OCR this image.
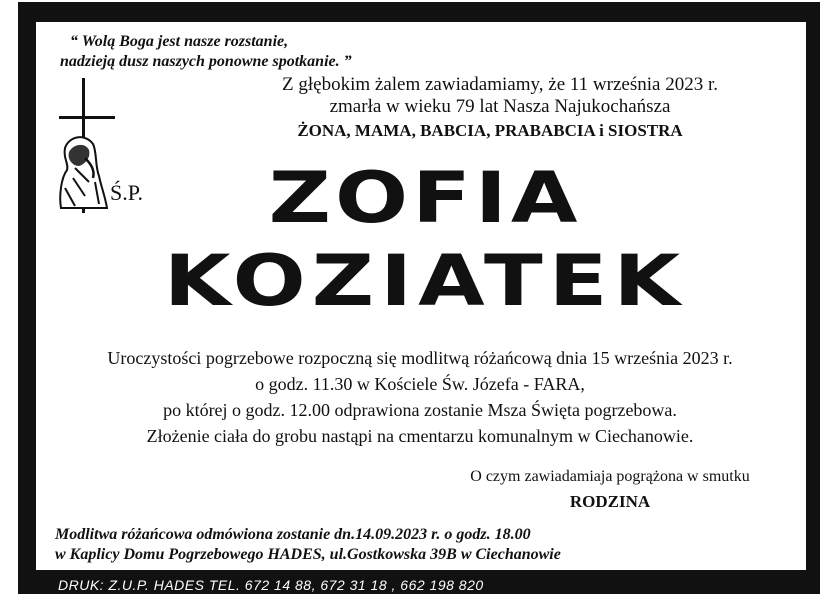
“ Wolą Boga jest nasze rozstanie,
nadzieją dusz naszych ponowne spotkanie. ”
Ś.P.
Z głębokim żalem zawiadamiamy, że 11 września 2023 r.
zmarła w wieku 79 lat Nasza Najukochańsza
ŻONA, MAMA, BABCIA, PRABABCIA i SIOSTRA
ZOFIA
KOZIATEK
Uroczystości pogrzebowe rozpoczną się modlitwą różańcową dnia 15 września 2023 r.
o godz. 11.30 w Kościele Św. Józefa - FARA,
po której o godz. 12.00 odprawiona zostanie Msza Święta pogrzebowa.
Złożenie ciała do grobu nastąpi na cmentarzu komunalnym w Ciechanowie.
O czym zawiadamiaja pogrążona w smutku
RODZINA
Modlitwa różańcowa odmówiona zostanie dn.14.09.2023 r. o godz. 18.00
w Kaplicy Domu Pogrzebowego HADES, ul.Gostkowska 39B w Ciechanowie
DRUK: Z.U.P. HADES TEL. 672 14 88, 672 31 18 , 662 198 820
